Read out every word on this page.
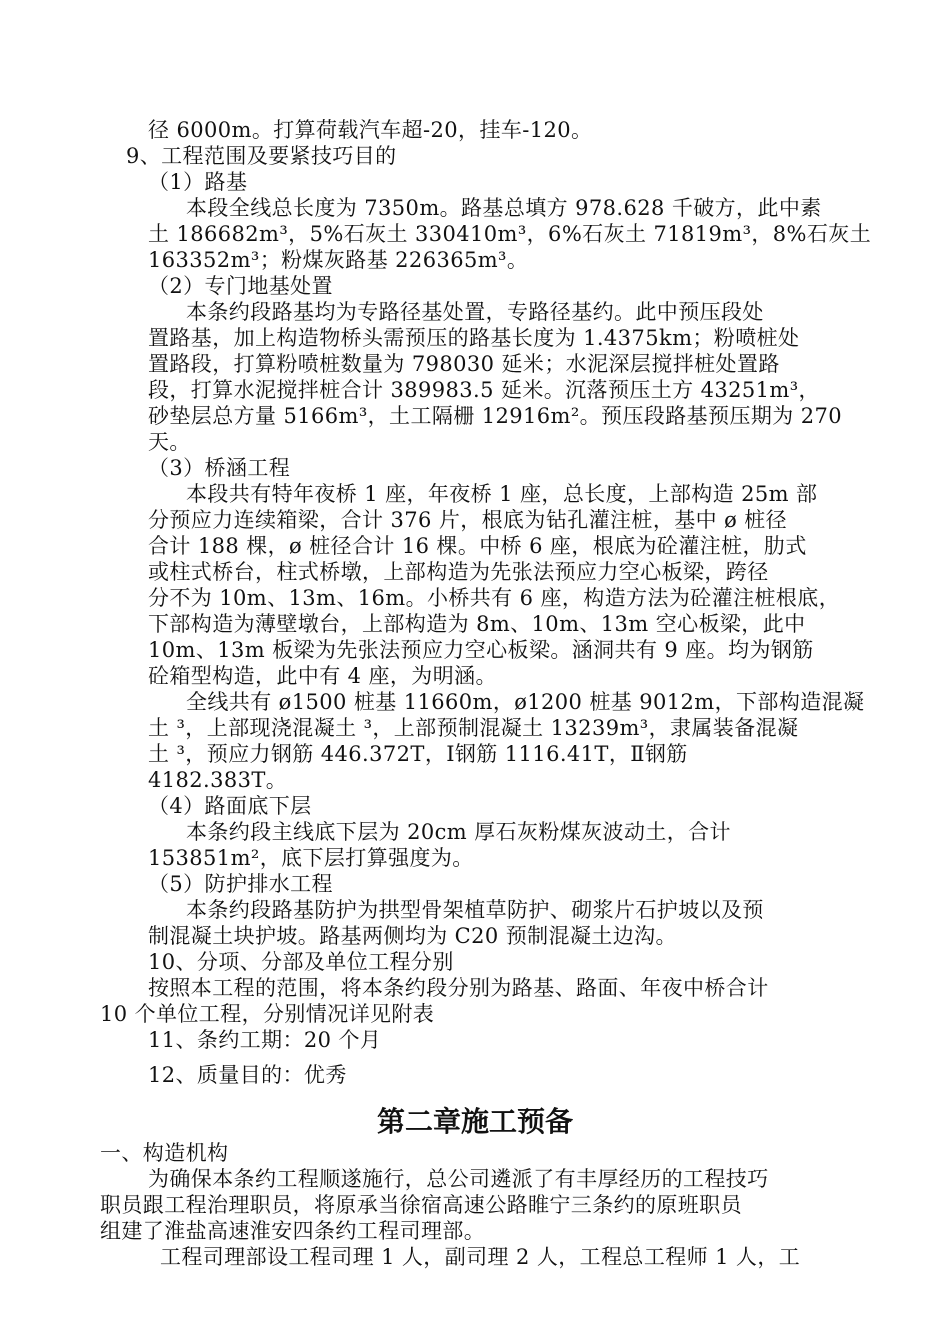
径 6000m。打算荷载汽车超-20，挂车-120。
9、工程范围及要紧技巧目的
（1）路基
本段全线总长度为 7350m。路基总填方 978.628 千破方，此中素
土 186682m³，5%石灰土 330410m³，6%石灰土 71819m³，8%石灰土
163352m³；粉煤灰路基 226365m³。
（2）专门地基处置
本条约段路基均为专路径基处置，专路径基约。此中预压段处
置路基，加上构造物桥头需预压的路基长度为 1.4375km；粉喷桩处
置路段，打算粉喷桩数量为 798030 延米；水泥深层搅拌桩处置路
段，打算水泥搅拌桩合计 389983.5 延米。沉落预压土方 43251m³，
砂垫层总方量 5166m³，土工隔栅 12916m²。预压段路基预压期为 270
天。
（3）桥涵工程
本段共有特年夜桥 1 座，年夜桥 1 座，总长度，上部构造 25m 部
分预应力连续箱梁，合计 376 片，根底为钻孔灌注桩，基中 ø 桩径
合计 188 棵，ø 桩径合计 16 棵。中桥 6 座，根底为砼灌注桩，肋式
或柱式桥台，柱式桥墩，上部构造为先张法预应力空心板梁，跨径
分不为 10m、13m、16m。小桥共有 6 座，构造方法为砼灌注桩根底，
下部构造为薄壁墩台，上部构造为 8m、10m、13m 空心板梁，此中
10m、13m 板梁为先张法预应力空心板梁。涵洞共有 9 座。均为钢筋
砼箱型构造，此中有 4 座，为明涵。
全线共有 ø1500 桩基 11660m，ø1200 桩基 9012m，下部构造混凝
土 ³，上部现浇混凝土 ³，上部预制混凝土 13239m³，隶属装备混凝
土 ³，预应力钢筋 446.372T，Ⅰ钢筋 1116.41T，Ⅱ钢筋
4182.383T。
（4）路面底下层
本条约段主线底下层为 20cm 厚石灰粉煤灰波动土，合计
153851m²，底下层打算强度为。
（5）防护排水工程
本条约段路基防护为拱型骨架植草防护、砌浆片石护坡以及预
制混凝土块护坡。路基两侧均为 C20 预制混凝土边沟。
10、分项、分部及单位工程分别
按照本工程的范围，将本条约段分别为路基、路面、年夜中桥合计
10 个单位工程，分别情况详见附表
11、条约工期：20 个月
12、质量目的：优秀
第二章施工预备
一、构造机构
为确保本条约工程顺遂施行，总公司遴派了有丰厚经历的工程技巧
职员跟工程治理职员，将原承当徐宿高速公路睢宁三条约的原班职员
组建了淮盐高速淮安四条约工程司理部。
工程司理部设工程司理 1 人，副司理 2 人，工程总工程师 1 人，工
